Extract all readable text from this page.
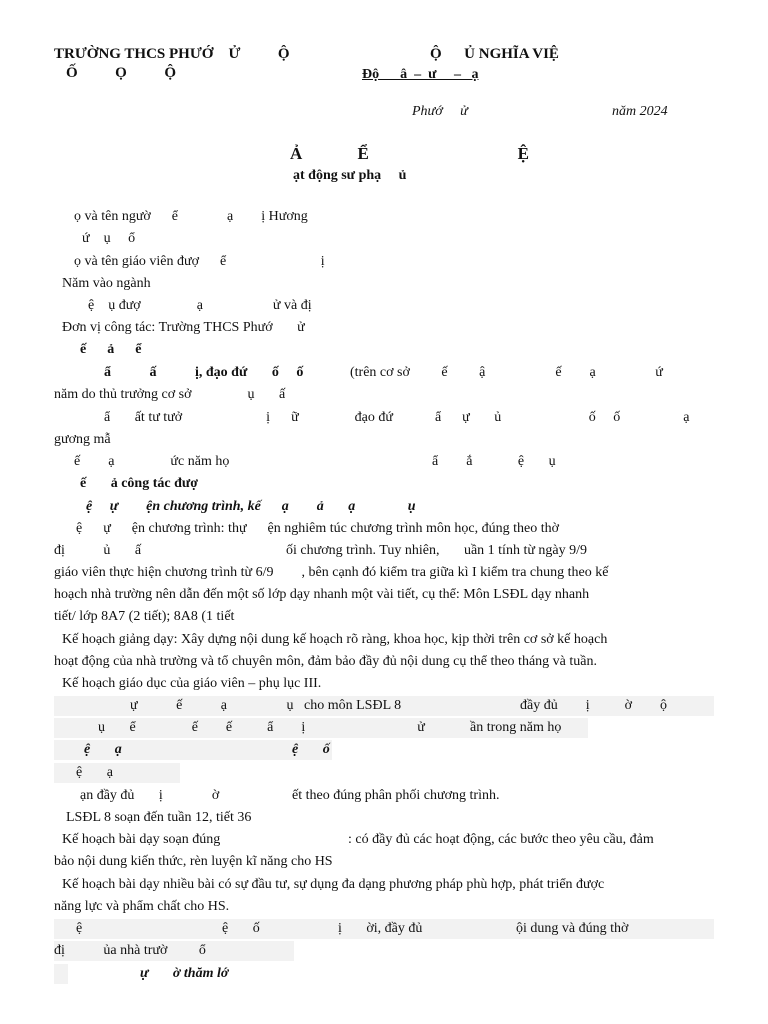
TRƯỜNG THCS PHƯỚ    Ử          Ộ
Ố          Ọ          Ộ
Ộ      Ủ NGHĨA VIỆ
Độ      â  –  ư     –   ạ
Phướ     ử	năm 2024
Ả             Ể                                   Ệ
ạt động sư phạ     ủ
ọ và tên ngườ      ể              ạ        ị Hương
ứ    ụ     ổ
ọ và tên giáo viên đượ      ể                           ị
Năm vào ngành
ệ    ụ đượ                ạ                    ử và đị
Đơn vị công tác: Trường THCS Phướ       ử
ế      ả      ể
ẩ           ấ           ị, đạo đứ       ố     ố	(trên cơ sở         ế         ậ                    ế        ạ                 ứ
năm do thủ trưởng cơ sở                ụ       ấ
ẩ       ất tư tưở                        ị      ữ                đạo đứ            ẩ      ự       ủ                         ố     ố                  ạ
gương mẫ
ế        ạ                ức năm họ	ẩ        ắ             ệ       ụ
ế       ả công tác đượ
ệ     ự        ện chương trình, kế      ạ        ả       ạ               ụ
ệ      ự      ện chương trình: thự      ện nghiêm túc chương trình môn học, đúng theo thờ
đị           ủ       ấ	ối chương trình. Tuy nhiên,       uần 1 tính từ ngày 9/9
giáo viên thực hiện chương trình từ 6/9        , bên cạnh đó kiểm tra giữa kì I kiểm tra chung theo kế
hoạch nhà trường nên dẫn đến một số lớp dạy nhanh một vài tiết, cụ thể: Môn LSĐL dạy nhanh
tiết/ lớp 8A7 (2 tiết); 8A8 (1 tiết
Kế hoạch giảng dạy: Xây dựng nội dung kế hoạch rõ ràng, khoa học, kịp thời trên cơ sở kế hoạch
hoạt động của nhà trường và tổ chuyên môn, đảm bảo đầy đủ nội dung cụ thể theo tháng và tuần.
Kế hoạch giáo dục của giáo viên – phụ lục III.
ự           ế           ạ                 ụ   cho môn LSĐL 8	đầy đủ        ị          ờ        ộ
ụ       ể                ế        ế          ẩ        ị                                ử	ần trong năm họ
ệ       ạ	ệ       ố
ệ       ạ
ạn đầy đủ       ị              ờ	ết theo đúng phân phối chương trình.
LSĐL 8 soạn đến tuần 12, tiết 36
Kế hoạch bài dạy soạn đúng	: có đầy đủ các hoạt động, các bước theo yêu cầu, đảm
bảo nội dung kiến thức, rèn luyện kĩ năng cho HS
Kế hoạch bài dạy nhiều bài có sự đầu tư, sự dụng đa dạng phương pháp phù hợp, phát triển được
năng lực và phẩm chất cho HS.
ệ	ệ       ố	ị       ời, đầy đủ	ội dung và đúng thờ
đị           ủa nhà trườ         ổ
ự       ờ thăm lớ
